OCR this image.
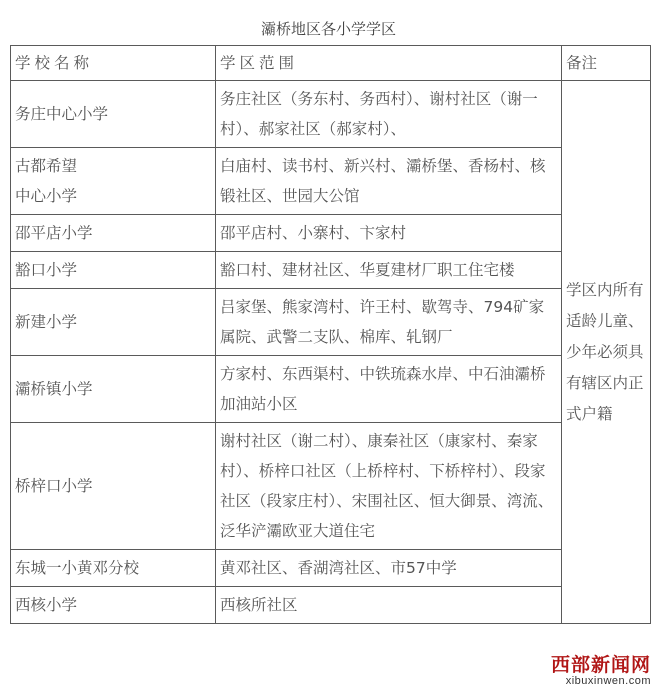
灞桥地区各小学学区
学校名称	学区范围	备注
务庄中心小学	务庄社区（务东村、务西村）、谢村社区（谢一村）、郝家社区（郝家村）、	学区内所有适龄儿童、少年必须具有辖区内正式户籍
古都希望
中心小学	白庙村、读书村、新兴村、灞桥堡、香杨村、核锻社区、世园大公馆	
邵平店小学	邵平店村、小寨村、卞家村	
豁口小学	豁口村、建材社区、华夏建材厂职工住宅楼	
新建小学	吕家堡、熊家湾村、许王村、歇驾寺、794矿家属院、武警二支队、棉库、轧钢厂	
灞桥镇小学	方家村、东西渠村、中铁琉森水岸、中石油灞桥加油站小区	
桥梓口小学	谢村社区（谢二村）、康秦社区（康家村、秦家村）、桥梓口社区（上桥梓村、下桥梓村）、段家社区（段家庄村）、宋围社区、恒大御景、湾流、泛华浐灞欧亚大道住宅	
东城一小黄邓分校	黄邓社区、香湖湾社区、市57中学	
西核小学	西核所社区	
西部新闻网
xibuxinwen.com
